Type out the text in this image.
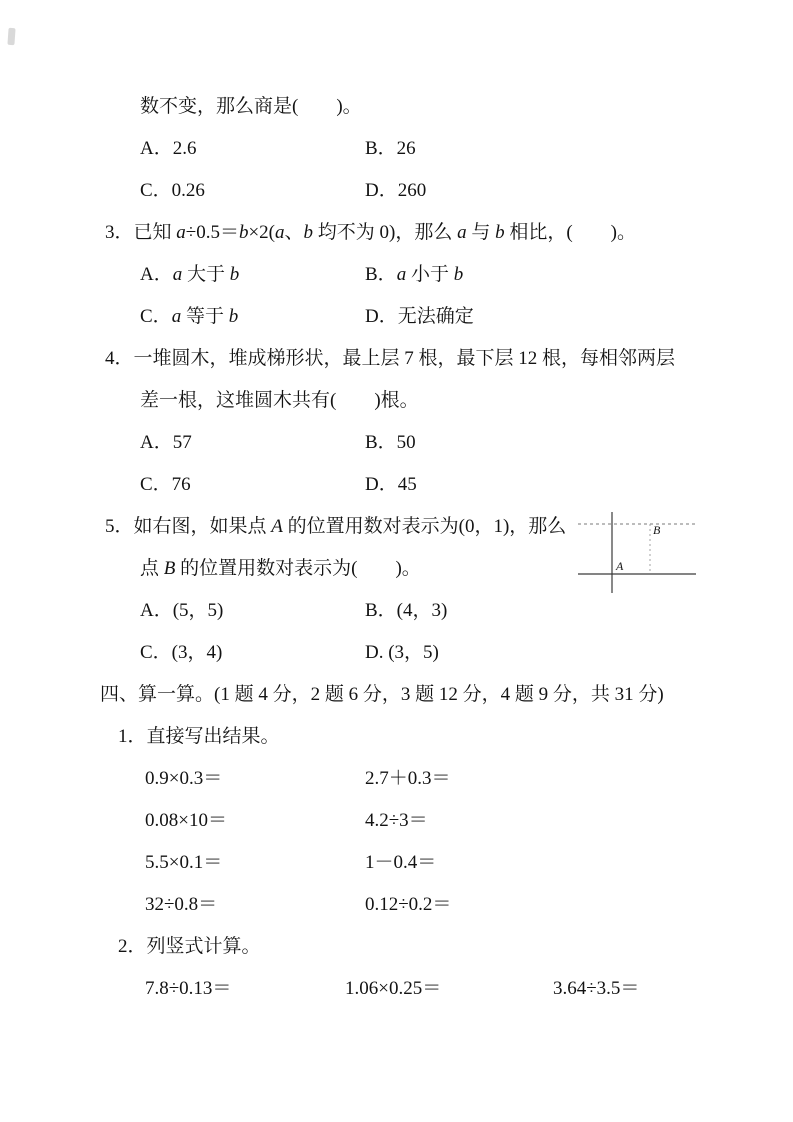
数不变，那么商是(        )。
A．2.6	B．26
C．0.26	D．260
3．已知 a÷0.5＝b×2(a、b 均不为 0)，那么 a 与 b 相比，(        )。
A．a 大于 b	B．a 小于 b
C．a 等于 b	D．无法确定
4．一堆圆木，堆成梯形状，最上层 7 根，最下层 12 根，每相邻两层
差一根，这堆圆木共有(        )根。
A．57	B．50
C．76	D．45
5．如右图，如果点 A 的位置用数对表示为(0，1)，那么
点 B 的位置用数对表示为(        )。
A．(5，5)	B．(4，3)
C．(3，4)	D. (3，5)
四、算一算。(1 题 4 分，2 题 6 分，3 题 12 分，4 题 9 分，共 31 分)
1．直接写出结果。
0.9×0.3＝	2.7＋0.3＝
0.08×10＝	4.2÷3＝
5.5×0.1＝	1－0.4＝
32÷0.8＝	0.12÷0.2＝
2．列竖式计算。
7.8÷0.13＝	1.06×0.25＝	3.64÷3.5＝
B
A
